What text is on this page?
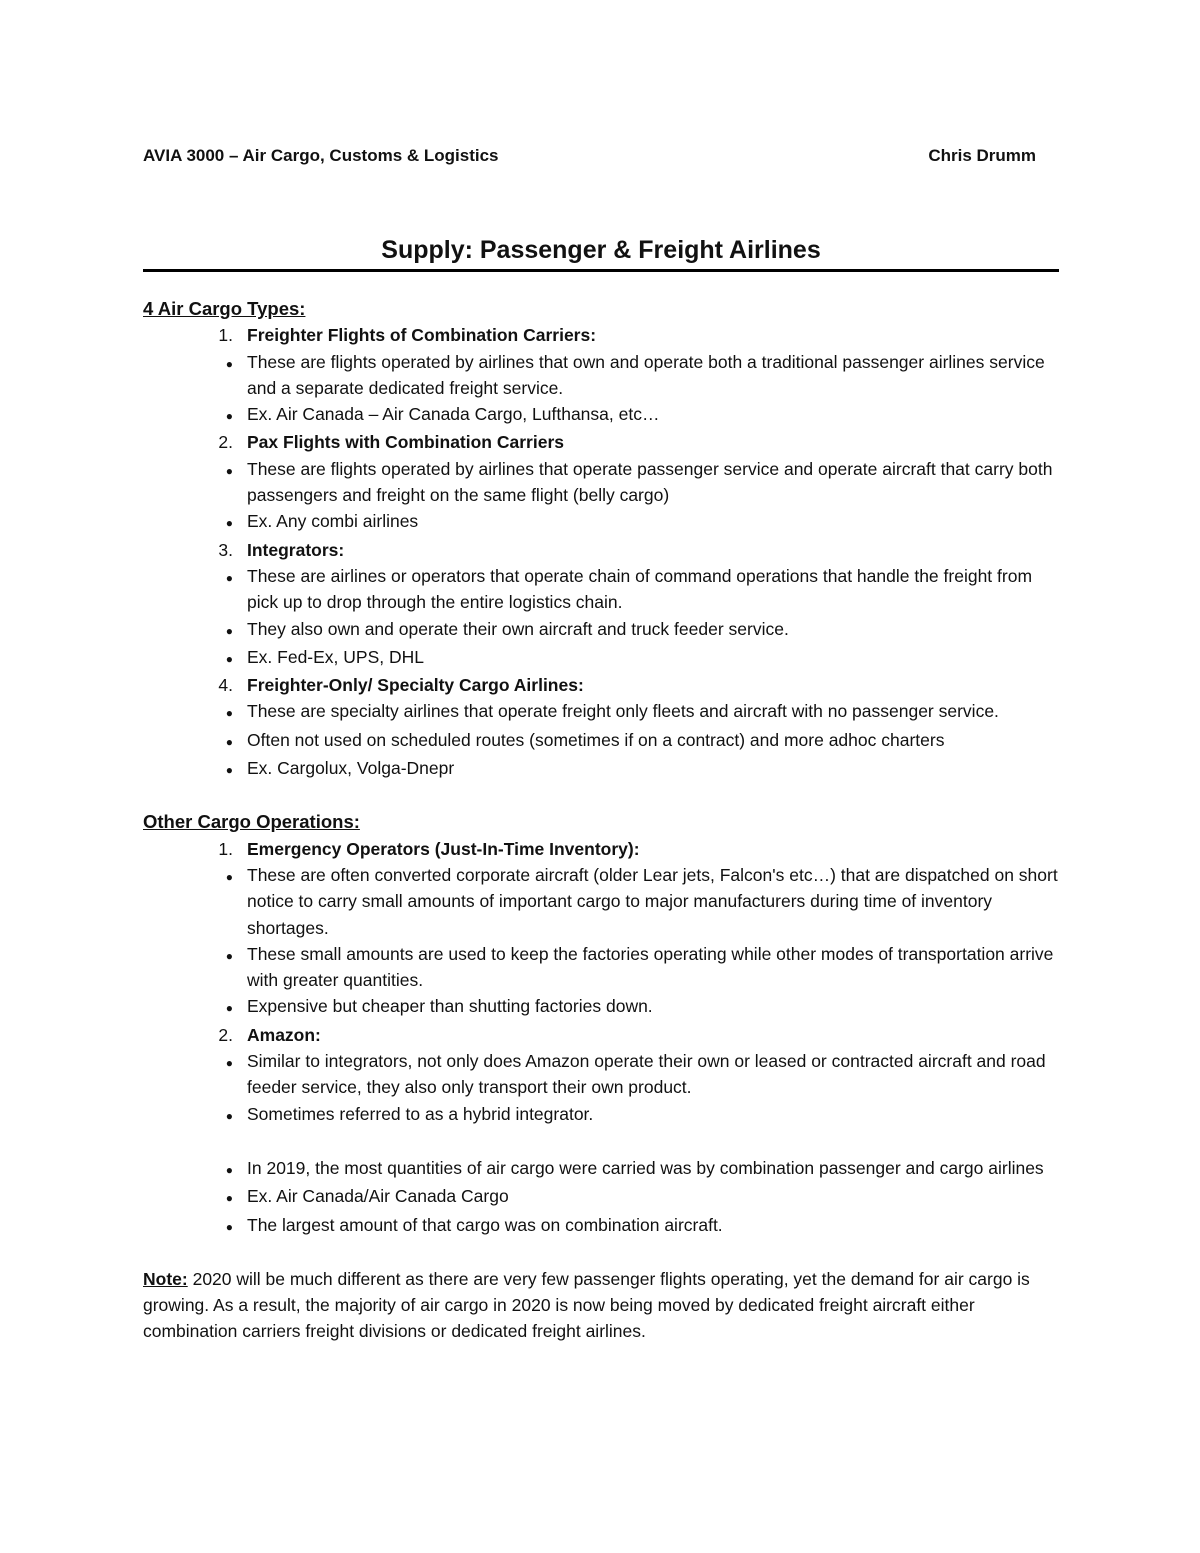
AVIA 3000 – Air Cargo, Customs & Logistics	Chris Drumm
Supply: Passenger & Freight Airlines
4 Air Cargo Types:
1. Freighter Flights of Combination Carriers:
● These are flights operated by airlines that own and operate both a traditional passenger airlines service and a separate dedicated freight service.
● Ex. Air Canada – Air Canada Cargo, Lufthansa, etc…
2. Pax Flights with Combination Carriers
● These are flights operated by airlines that operate passenger service and operate aircraft that carry both passengers and freight on the same flight (belly cargo)
● Ex. Any combi airlines
3. Integrators:
● These are airlines or operators that operate chain of command operations that handle the freight from pick up to drop through the entire logistics chain.
● They also own and operate their own aircraft and truck feeder service.
● Ex. Fed-Ex, UPS, DHL
4. Freighter-Only/ Specialty Cargo Airlines:
● These are specialty airlines that operate freight only fleets and aircraft with no passenger service.
● Often not used on scheduled routes (sometimes if on a contract) and more adhoc charters
● Ex. Cargolux, Volga-Dnepr
Other Cargo Operations:
1. Emergency Operators (Just-In-Time Inventory):
● These are often converted corporate aircraft (older Lear jets, Falcon's etc…) that are dispatched on short notice to carry small amounts of important cargo to major manufacturers during time of inventory shortages.
● These small amounts are used to keep the factories operating while other modes of transportation arrive with greater quantities.
● Expensive but cheaper than shutting factories down.
2. Amazon:
● Similar to integrators, not only does Amazon operate their own or leased or contracted aircraft and road feeder service, they also only transport their own product.
● Sometimes referred to as a hybrid integrator.
● In 2019, the most quantities of air cargo were carried was by combination passenger and cargo airlines
● Ex. Air Canada/Air Canada Cargo
● The largest amount of that cargo was on combination aircraft.
Note: 2020 will be much different as there are very few passenger flights operating, yet the demand for air cargo is growing. As a result, the majority of air cargo in 2020 is now being moved by dedicated freight aircraft either combination carriers freight divisions or dedicated freight airlines.
